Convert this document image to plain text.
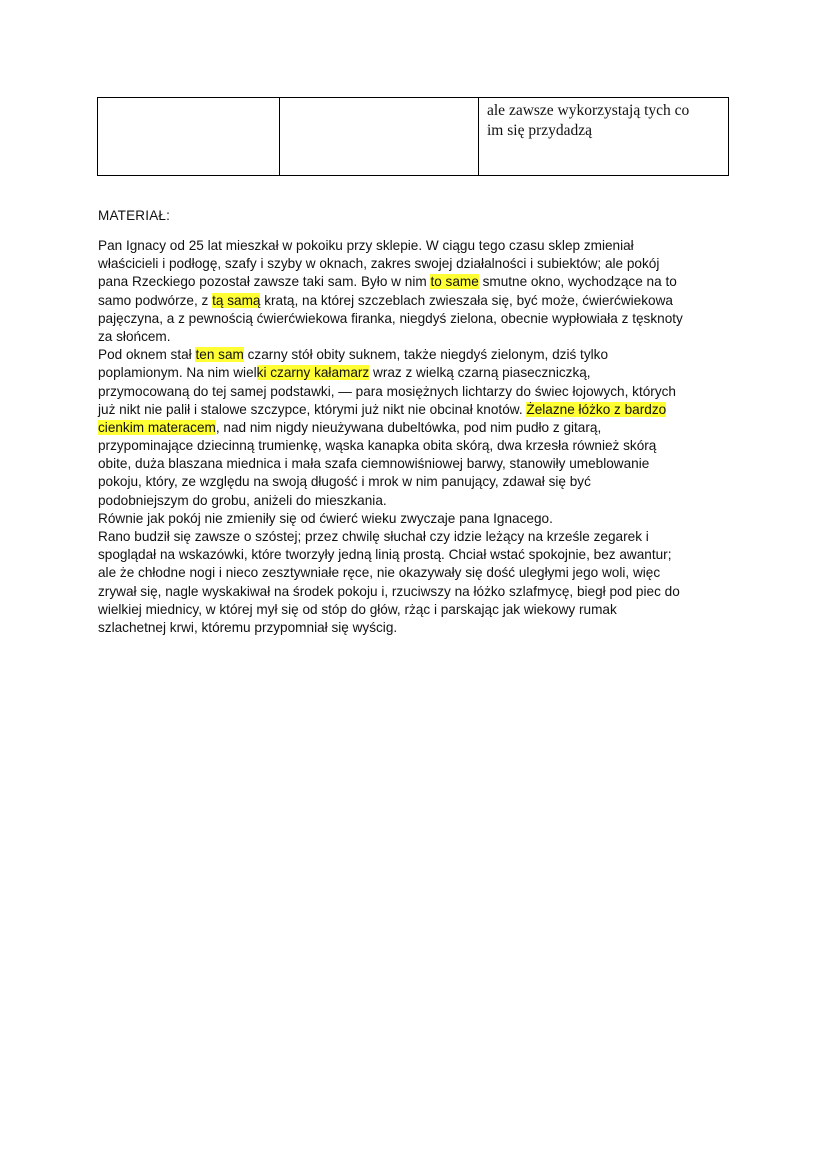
ale zawsze wykorzystają tych co
im się przydadzą
MATERIAŁ:
Pan Ignacy od 25 lat mieszkał w pokoiku przy sklepie. W ciągu tego czasu sklep zmieniał
właścicieli i podłogę, szafy i szyby w oknach, zakres swojej działalności i subiektów; ale pokój
pana Rzeckiego pozostał zawsze taki sam. Było w nim to same smutne okno, wychodzące na to
samo podwórze, z tą samą kratą, na której szczeblach zwieszała się, być może, ćwierćwiekowa
pajęczyna, a z pewnością ćwierćwiekowa firanka, niegdyś zielona, obecnie wypłowiała z tęsknoty
za słońcem.
Pod oknem stał ten sam czarny stół obity suknem, także niegdyś zielonym, dziś tylko
poplamionym. Na nim wielki czarny kałamarz wraz z wielką czarną piaseczniczką,
przymocowaną do tej samej podstawki, — para mosiężnych lichtarzy do świec łojowych, których
już nikt nie palił i stalowe szczypce, którymi już nikt nie obcinał knotów. Żelazne łóżko z bardzo
cienkim materacem, nad nim nigdy nieużywana dubeltówka, pod nim pudło z gitarą,
przypominające dziecinną trumienkę, wąska kanapka obita skórą, dwa krzesła również skórą
obite, duża blaszana miednica i mała szafa ciemnowiśniowej barwy, stanowiły umeblowanie
pokoju, który, ze względu na swoją długość i mrok w nim panujący, zdawał się być
podobniejszym do grobu, aniżeli do mieszkania.
Równie jak pokój nie zmieniły się od ćwierć wieku zwyczaje pana Ignacego.
Rano budził się zawsze o szóstej; przez chwilę słuchał czy idzie leżący na krześle zegarek i
spoglądał na wskazówki, które tworzyły jedną linią prostą. Chciał wstać spokojnie, bez awantur;
ale że chłodne nogi i nieco zesztywniałe ręce, nie okazywały się dość uległymi jego woli, więc
zrywał się, nagle wyskakiwał na środek pokoju i, rzuciwszy na łóżko szlafmycę, biegł pod piec do
wielkiej miednicy, w której mył się od stóp do głów, rżąc i parskając jak wiekowy rumak
szlachetnej krwi, któremu przypomniał się wyścig.
